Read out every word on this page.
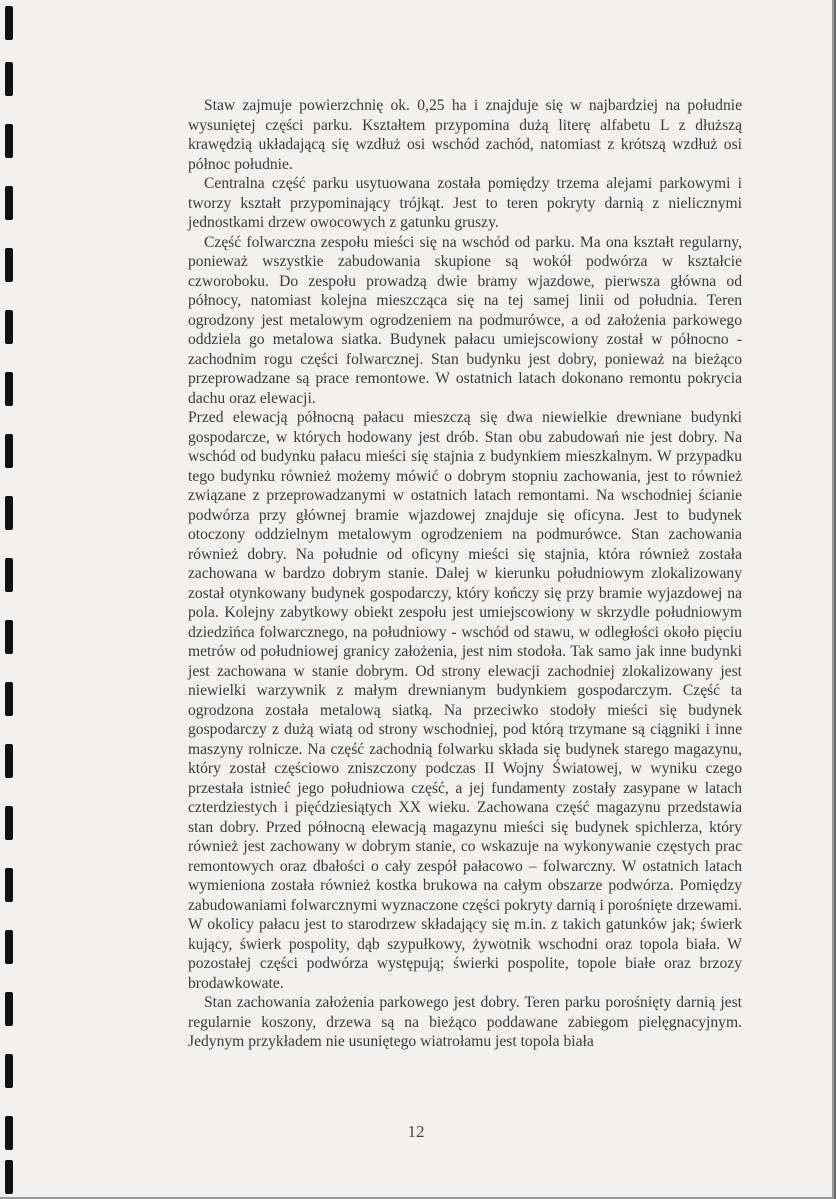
Staw zajmuje powierzchnię ok. 0,25 ha i znajduje się w najbardziej na południe wysuniętej części parku. Kształtem przypomina dużą literę alfabetu L z dłuższą krawędzią układającą się wzdłuż osi wschód zachód, natomiast z krótszą wzdłuż osi północ południe.

Centralna część parku usytuowana została pomiędzy trzema alejami parkowymi i tworzy kształt przypominający trójkąt. Jest to teren pokryty darnią z nielicznymi jednostkami drzew owocowych z gatunku gruszy.

Część folwarczna zespołu mieści się na wschód od parku. Ma ona kształt regularny, ponieważ wszystkie zabudowania skupione są wokół podwórza w kształcie czworoboku. Do zespołu prowadzą dwie bramy wjazdowe, pierwsza główna od północy, natomiast kolejna mieszcząca się na tej samej linii od południa. Teren ogrodzony jest metalowym ogrodzeniem na podmurówce, a od założenia parkowego oddziela go metalowa siatka. Budynek pałacu umiejscowiony został w północno - zachodnim rogu części folwarcznej. Stan budynku jest dobry, ponieważ na bieżąco przeprowadzane są prace remontowe. W ostatnich latach dokonano remontu pokrycia dachu oraz elewacji.

Przed elewacją północną pałacu mieszczą się dwa niewielkie drewniane budynki gospodarcze, w których hodowany jest drób. Stan obu zabudowań nie jest dobry. Na wschód od budynku pałacu mieści się stajnia z budynkiem mieszkalnym. W przypadku tego budynku również możemy mówić o dobrym stopniu zachowania, jest to również związane z przeprowadzanymi w ostatnich latach remontami. Na wschodniej ścianie podwórza przy głównej bramie wjazdowej znajduje się oficyna. Jest to budynek otoczony oddzielnym metalowym ogrodzeniem na podmurówce. Stan zachowania również dobry. Na południe od oficyny mieści się stajnia, która również została zachowana w bardzo dobrym stanie. Dalej w kierunku południowym zlokalizowany został otynkowany budynek gospodarczy, który kończy się przy bramie wyjazdowej na pola. Kolejny zabytkowy obiekt zespołu jest umiejscowiony w skrzydle południowym dziedzińca folwarcznego, na południowy - wschód od stawu, w odległości około pięciu metrów od południowej granicy założenia, jest nim stodoła. Tak samo jak inne budynki jest zachowana w stanie dobrym. Od strony elewacji zachodniej zlokalizowany jest niewielki warzywnik z małym drewnianym budynkiem gospodarczym. Część ta ogrodzona została metalową siatką. Na przeciwko stodoły mieści się budynek gospodarczy z dużą wiatą od strony wschodniej, pod którą trzymane są ciągniki i inne maszyny rolnicze. Na część zachodnią folwarku składa się budynek starego magazynu, który został częściowo zniszczony podczas II Wojny Światowej, w wyniku czego przestała istnieć jego południowa część, a jej fundamenty zostały zasypane w latach czterdziestych i pięćdziesiątych XX wieku. Zachowana część magazynu przedstawia stan dobry. Przed północną elewacją magazynu mieści się budynek spichlerza, który również jest zachowany w dobrym stanie, co wskazuje na wykonywanie częstych prac remontowych oraz dbałości o cały zespół pałacowo – folwarczny. W ostatnich latach wymieniona została również kostka brukowa na całym obszarze podwórza. Pomiędzy zabudowaniami folwarcznymi wyznaczone części pokryty darnią i porośnięte drzewami. W okolicy pałacu jest to starodrzew składający się m.in. z takich gatunków jak; świerk kujący, świerk pospolity, dąb szypułkowy, żywotnik wschodni oraz topola biała. W pozostałej części podwórza występują; świerki pospolite, topole białe oraz brzozy brodawkowate.

Stan zachowania założenia parkowego jest dobry. Teren parku porośnięty darnią jest regularnie koszony, drzewa są na bieżąco poddawane zabiegom pielęgnacyjnym. Jedynym przykładem nie usuniętego wiatrołamu jest topola biała

12
